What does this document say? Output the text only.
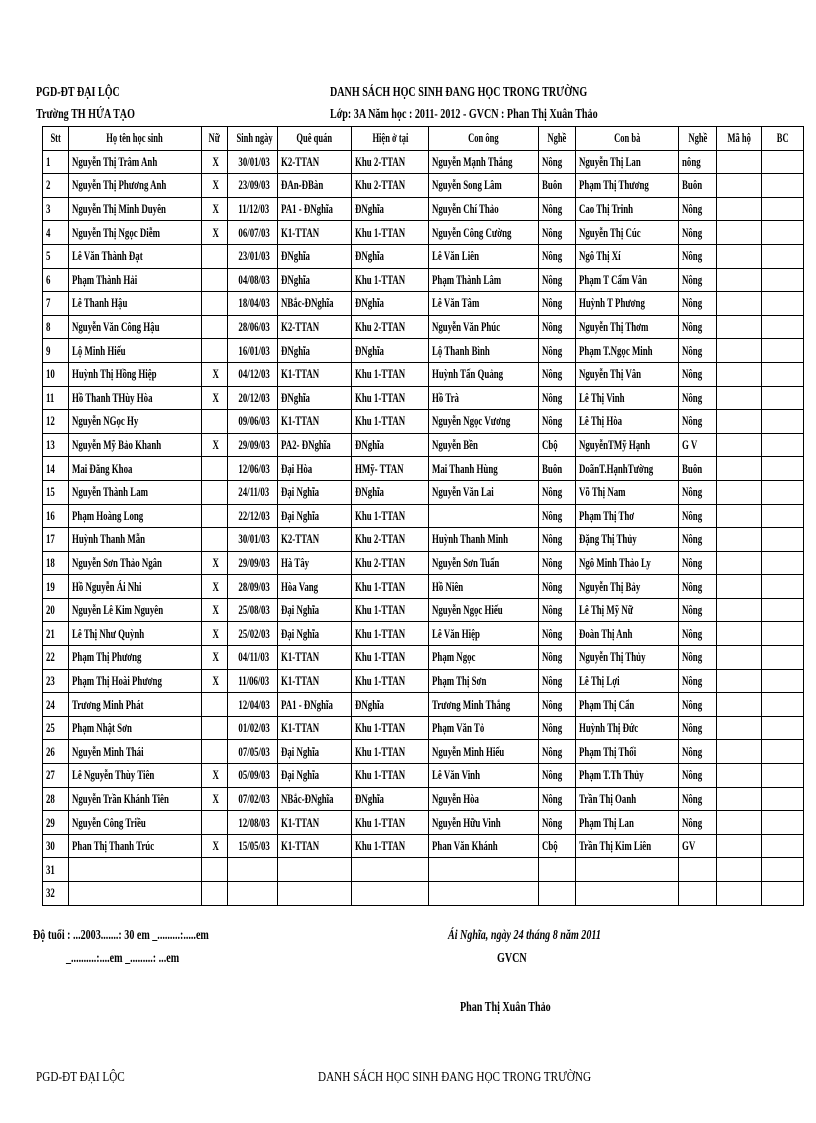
PGD-ĐT ĐẠI LỘC	DANH SÁCH HỌC SINH ĐANG HỌC TRONG TRƯỜNG
Trường TH HỨA TẠO	Lớp: 3A Năm học : 2011- 2012 - GVCN : Phan Thị Xuân Thảo
Stt	Họ tên học sinh	Nữ	Sinh ngày	Quê quán	Hiện ở tại	Con ông	Nghề	Con bà	Nghề	Mã hộ	BC
1	Nguyễn Thị Trâm Anh	X	30/01/03	K2-TTAN	Khu 2-TTAN	Nguyễn Mạnh Thắng	Nông	Nguyễn Thị Lan	nông		
2	Nguyễn Thị Phương Anh	X	23/09/03	ĐAn-ĐBàn	Khu 2-TTAN	Nguyễn Song Lâm	Buôn	Phạm Thị Thương	Buôn		
3	Nguyễn Thị Minh Duyên	X	11/12/03	PA1 - ĐNghĩa	ĐNghĩa	Nguyễn Chí Thảo	Nông	Cao Thị Trinh	Nông		
4	Nguyễn Thị Ngọc Diễm	X	06/07/03	K1-TTAN	Khu 1-TTAN	Nguyễn Công Cường	Nông	Nguyễn Thị Cúc	Nông		
5	Lê Văn Thành Đạt		23/01/03	ĐNghĩa	ĐNghĩa	Lê Văn Liên	Nông	Ngô Thị Xí	Nông		
6	Phạm Thành Hải		04/08/03	ĐNghĩa	Khu 1-TTAN	Phạm Thành Lâm	Nông	Phạm T Cẩm Vân	Nông		
7	Lê Thanh Hậu		18/04/03	NBắc-ĐNghĩa	ĐNghĩa	Lê Văn Tâm	Nông	Huỳnh T Phương	Nông		
8	Nguyễn Văn Công Hậu		28/06/03	K2-TTAN	Khu 2-TTAN	Nguyễn Văn Phúc	Nông	Nguyễn Thị Thơm	Nông		
9	Lộ Minh Hiếu		16/01/03	ĐNghĩa	ĐNghĩa	Lộ Thanh Bình	Nông	Phạm T.Ngọc Minh	Nông		
10	Huỳnh Thị Hồng Hiệp	X	04/12/03	K1-TTAN	Khu 1-TTAN	Huỳnh Tấn Quảng	Nông	Nguyễn Thị Vân	Nông		
11	Hồ Thanh THùy Hòa	X	20/12/03	ĐNghĩa	Khu 1-TTAN	Hồ Trà	Nông	Lê Thị Vinh	Nông		
12	Nguyễn NGọc Hy		09/06/03	K1-TTAN	Khu 1-TTAN	Nguyễn Ngọc Vương	Nông	Lê Thị Hòa	Nông		
13	Nguyễn Mỹ Bảo Khanh	X	29/09/03	PA2- ĐNghĩa	ĐNghĩa	Nguyễn Bền	Cbộ	NguyễnTMỹ Hạnh	G V		
14	Mai Đăng Khoa		12/06/03	Đại Hòa	HMỹ- TTAN	Mai Thanh Hùng	Buôn	DoãnT.HạnhTường	Buôn		
15	Nguyễn Thành Lam		24/11/03	Đại Nghĩa	ĐNghĩa	Nguyễn Văn Lai	Nông	Võ Thị Nam	Nông		
16	Phạm Hoàng Long		22/12/03	Đại Nghĩa	Khu 1-TTAN		Nông	Phạm Thị Thơ	Nông		
17	Huỳnh Thanh Mẫn		30/01/03	K2-TTAN	Khu 2-TTAN	Huỳnh Thanh Minh	Nông	Đặng Thị Thủy	Nông		
18	Nguyễn Sơn Thảo Ngân	X	29/09/03	Hà Tây	Khu 2-TTAN	Nguyễn Sơn Tuấn	Nông	Ngô Minh Thảo Ly	Nông		
19	Hồ Nguyễn Ái Nhi	X	28/09/03	Hòa Vang	Khu 1-TTAN	Hồ Niên	Nông	Nguyễn Thị Bảy	Nông		
20	Nguyễn Lê Kim Nguyên	X	25/08/03	Đại Nghĩa	Khu 1-TTAN	Nguyễn Ngọc Hiếu	Nông	Lê Thị Mỹ Nữ	Nông		
21	Lê Thị Như Quỳnh	X	25/02/03	Đại Nghĩa	Khu 1-TTAN	Lê Văn Hiệp	Nông	Đoàn Thị Anh	Nông		
22	Phạm Thị Phương	X	04/11/03	K1-TTAN	Khu 1-TTAN	Phạm Ngọc	Nông	Nguyễn Thị Thủy	Nông		
23	Phạm Thị Hoài Phương	X	11/06/03	K1-TTAN	Khu 1-TTAN	Phạm Thị Sơn	Nông	Lê Thị Lợi	Nông		
24	Trương Minh Phát		12/04/03	PA1 - ĐNghĩa	ĐNghĩa	Trương Minh Thắng	Nông	Phạm Thị Cẩn	Nông		
25	Phạm Nhật Sơn		01/02/03	K1-TTAN	Khu 1-TTAN	Phạm Văn Tỏ	Nông	Huỳnh Thị Đức	Nông		
26	Nguyễn Minh Thái		07/05/03	Đại Nghĩa	Khu 1-TTAN	Nguyễn Minh Hiếu	Nông	Phạm Thị Thối	Nông		
27	Lê Nguyễn Thùy Tiên	X	05/09/03	Đại Nghĩa	Khu 1-TTAN	Lê Văn Vinh	Nông	Phạm T.Th Thủy	Nông		
28	Nguyễn Trần Khánh Tiên	X	07/02/03	NBắc-ĐNghĩa	ĐNghĩa	Nguyễn Hòa	Nông	Trần Thị Oanh	Nông		
29	Nguyễn Công Triều		12/08/03	K1-TTAN	Khu 1-TTAN	Nguyễn Hữu Vinh	Nông	Phạm Thị Lan	Nông		
30	Phan Thị Thanh Trúc	X	15/05/03	K1-TTAN	Khu 1-TTAN	Phan Văn Khánh	Cbộ	Trần Thị Kim Liên	GV		
31											
32											
Độ tuổi : ...2003.......: 30 em _.........:.....em
_..........:....em _.........: ...em
Ái Nghĩa, ngày 24 tháng 8 năm 2011
GVCN
Phan Thị Xuân Thảo
PGD-ĐT ĐẠI LỘC	DANH SÁCH HỌC SINH ĐANG HỌC TRONG TRƯỜNG
